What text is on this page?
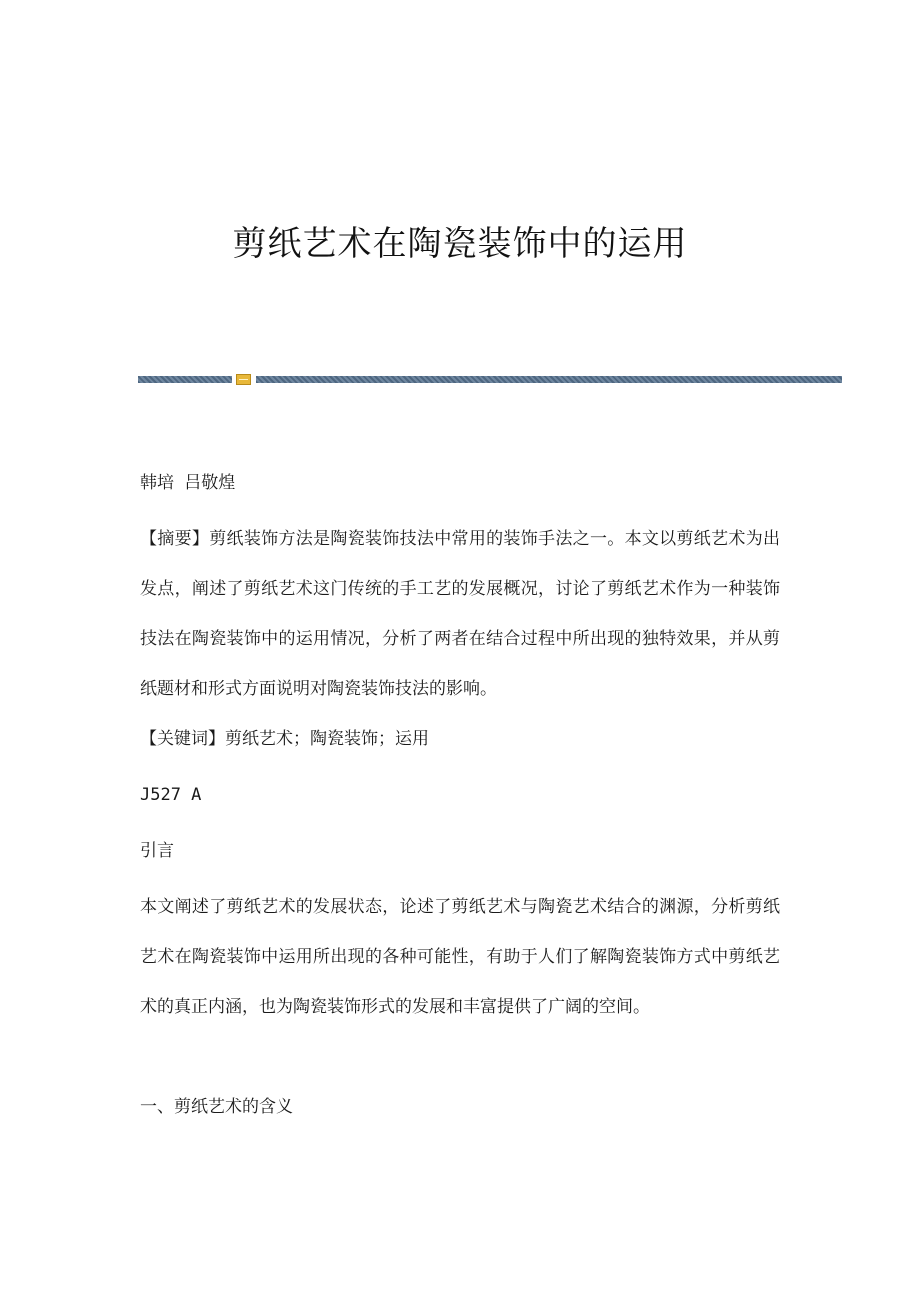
剪纸艺术在陶瓷装饰中的运用
韩培 吕敬煌
【摘要】剪纸装饰方法是陶瓷装饰技法中常用的装饰手法之一。本文以剪纸艺术为出发点，阐述了剪纸艺术这门传统的手工艺的发展概况，讨论了剪纸艺术作为一种装饰技法在陶瓷装饰中的运用情况，分析了两者在结合过程中所出现的独特效果，并从剪纸题材和形式方面说明对陶瓷装饰技法的影响。
【关键词】剪纸艺术；陶瓷装饰；运用
J527 A
引言
本文阐述了剪纸艺术的发展状态，论述了剪纸艺术与陶瓷艺术结合的渊源，分析剪纸艺术在陶瓷装饰中运用所出现的各种可能性，有助于人们了解陶瓷装饰方式中剪纸艺术的真正内涵，也为陶瓷装饰形式的发展和丰富提供了广阔的空间。
一、剪纸艺术的含义
